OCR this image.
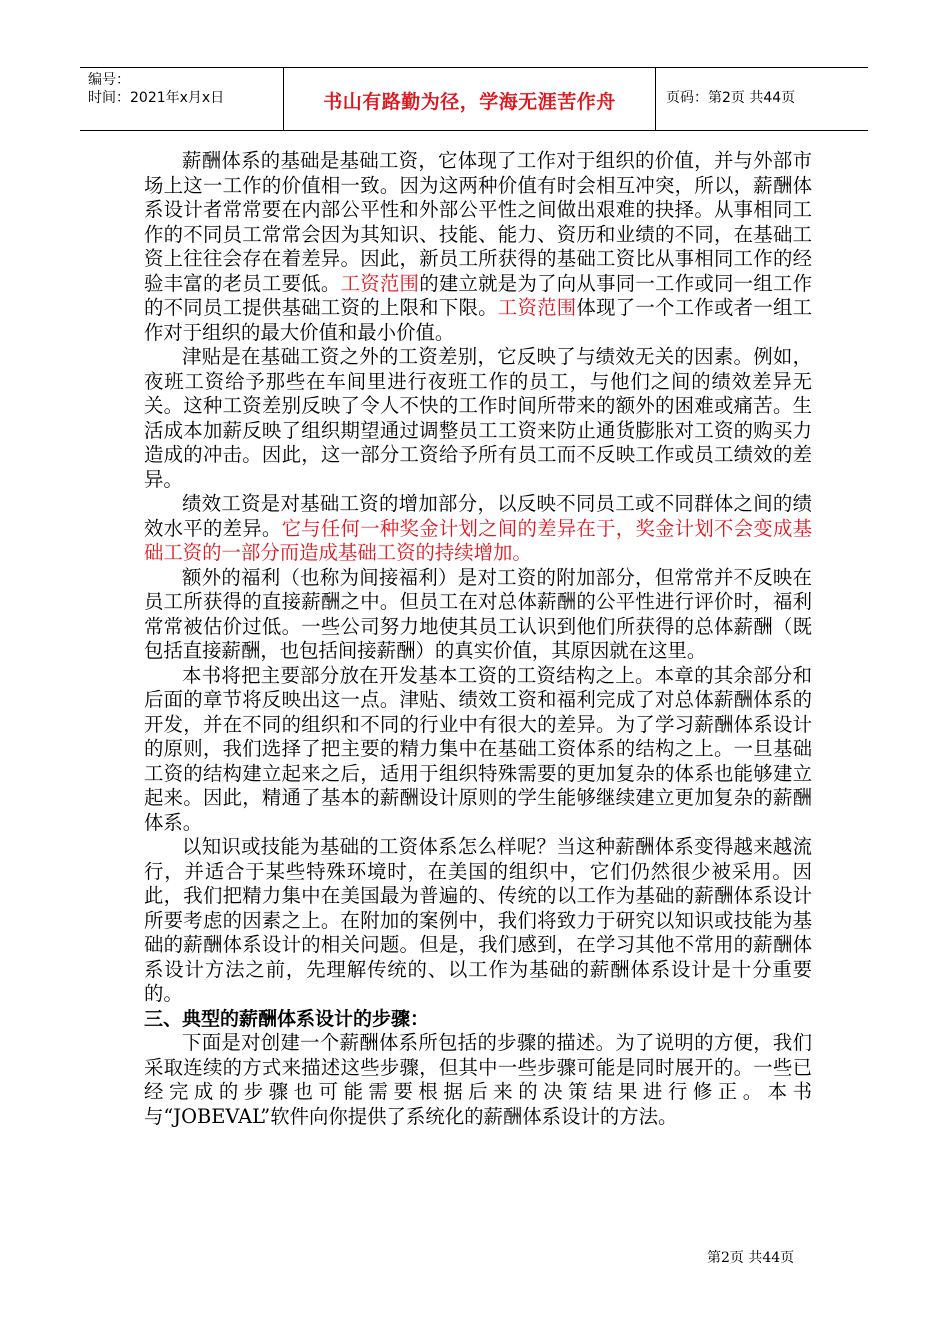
编号：
时间：2021年x月x日	书山有路勤为径，学海无涯苦作舟	页码：第2页 共44页

薪酬体系的基础是基础工资，它体现了工作对于组织的价值，并与外部市场上这一工作的价值相一致。因为这两种价值有时会相互冲突，所以，薪酬体系设计者常常要在内部公平性和外部公平性之间做出艰难的抉择。从事相同工作的不同员工常常会因为其知识、技能、能力、资历和业绩的不同，在基础工资上往往会存在着差异。因此，新员工所获得的基础工资比从事相同工作的经验丰富的老员工要低。工资范围的建立就是为了向从事同一工作或同一组工作的不同员工提供基础工资的上限和下限。工资范围体现了一个工作或者一组工作对于组织的最大价值和最小价值。

津贴是在基础工资之外的工资差别，它反映了与绩效无关的因素。例如，夜班工资给予那些在车间里进行夜班工作的员工，与他们之间的绩效差异无关。这种工资差别反映了令人不快的工作时间所带来的额外的困难或痛苦。生活成本加薪反映了组织期望通过调整员工工资来防止通货膨胀对工资的购买力造成的冲击。因此，这一部分工资给予所有员工而不反映工作或员工绩效的差异。

绩效工资是对基础工资的增加部分，以反映不同员工或不同群体之间的绩效水平的差异。它与任何一种奖金计划之间的差异在于，奖金计划不会变成基础工资的一部分而造成基础工资的持续增加。

额外的福利（也称为间接福利）是对工资的附加部分，但常常并不反映在员工所获得的直接薪酬之中。但员工在对总体薪酬的公平性进行评价时，福利常常被估价过低。一些公司努力地使其员工认识到他们所获得的总体薪酬（既包括直接薪酬，也包括间接薪酬）的真实价值，其原因就在这里。

本书将把主要部分放在开发基本工资的工资结构之上。本章的其余部分和后面的章节将反映出这一点。津贴、绩效工资和福利完成了对总体薪酬体系的开发，并在不同的组织和不同的行业中有很大的差异。为了学习薪酬体系设计的原则，我们选择了把主要的精力集中在基础工资体系的结构之上。一旦基础工资的结构建立起来之后，适用于组织特殊需要的更加复杂的体系也能够建立起来。因此，精通了基本的薪酬设计原则的学生能够继续建立更加复杂的薪酬体系。

以知识或技能为基础的工资体系怎么样呢？当这种薪酬体系变得越来越流行，并适合于某些特殊环境时，在美国的组织中，它们仍然很少被采用。因此，我们把精力集中在美国最为普遍的、传统的以工作为基础的薪酬体系设计所要考虑的因素之上。在附加的案例中，我们将致力于研究以知识或技能为基础的薪酬体系设计的相关问题。但是，我们感到，在学习其他不常用的薪酬体系设计方法之前，先理解传统的、以工作为基础的薪酬体系设计是十分重要的。

三、典型的薪酬体系设计的步骤：

下面是对创建一个薪酬体系所包括的步骤的描述。为了说明的方便，我们采取连续的方式来描述这些步骤，但其中一些步骤可能是同时展开的。一些已经完成的步骤也可能需要根据后来的决策结果进行修正。本书与“JOBEVAL”软件向你提供了系统化的薪酬体系设计的方法。

第2页 共44页
